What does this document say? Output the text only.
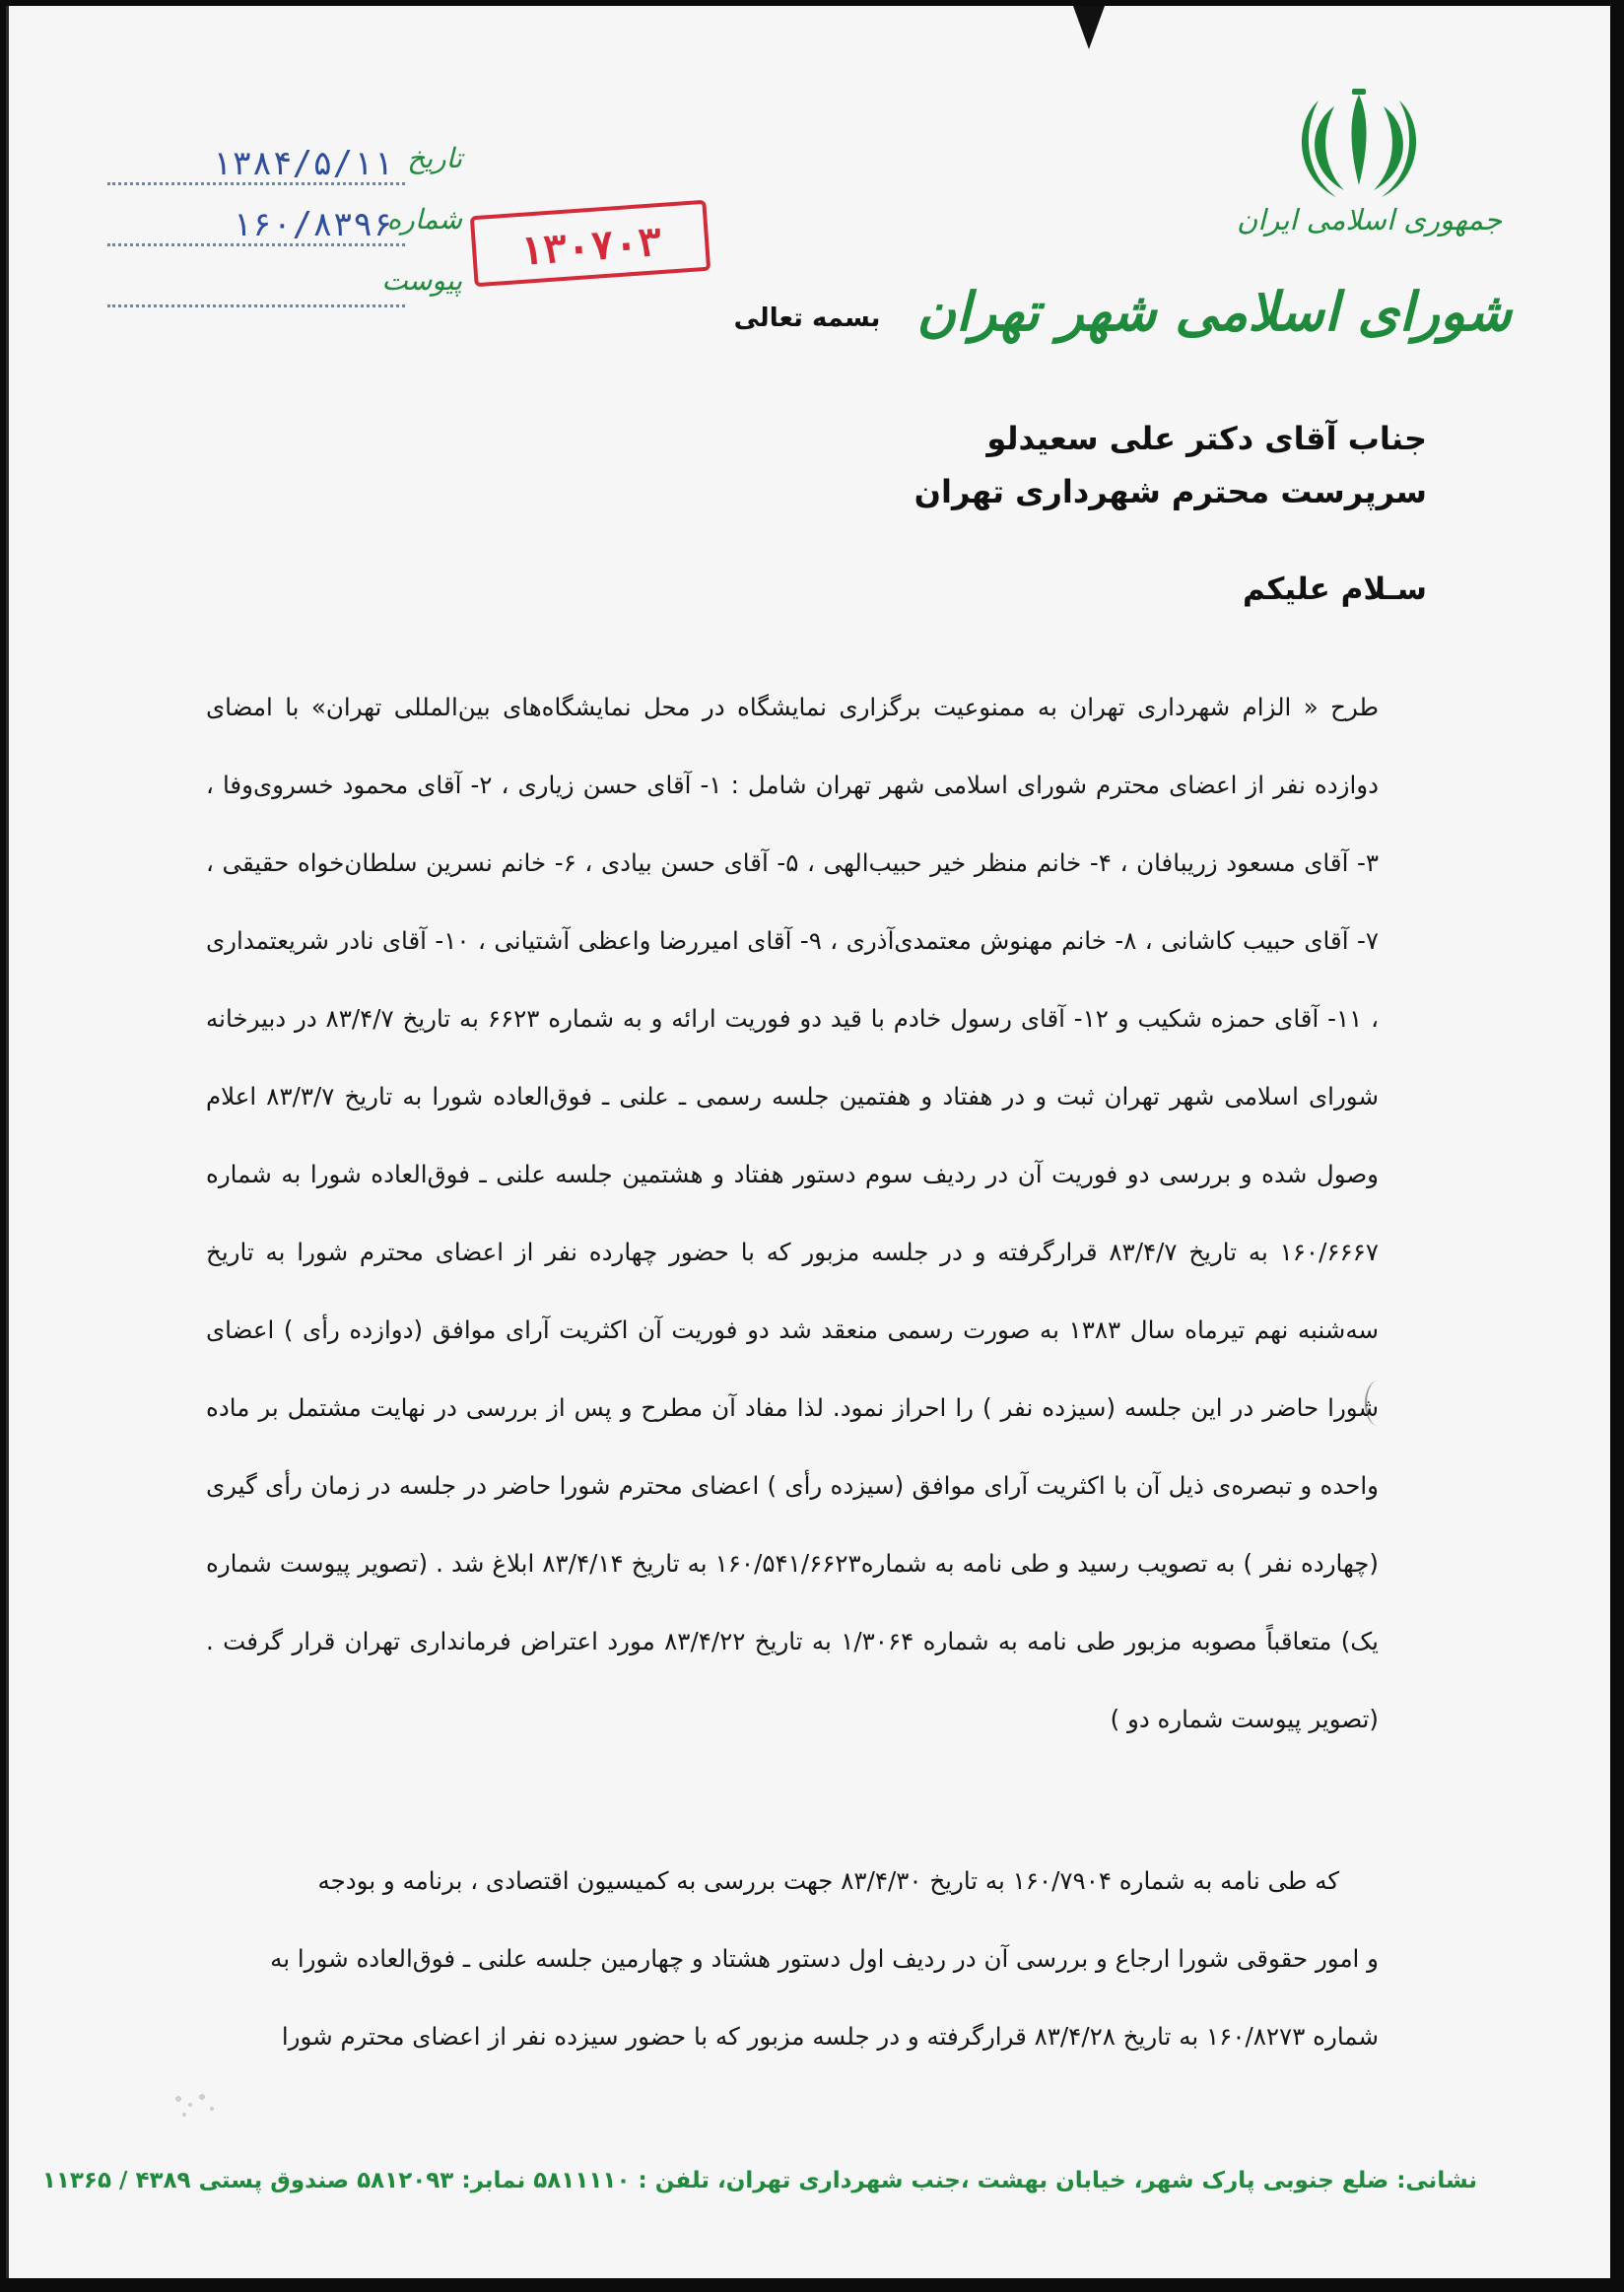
جمهوری اسلامی ایران
شورای اسلامی شهر تهران
۱۳۸۴/۵/۱۱ تاریخ
۱۶۰/۸۳۹۶
شماره
پیوست
۱۳۰۷۰۳
بسمه تعالی
جناب آقای دکتر علی سعیدلو
سرپرست محترم شهرداری تهران
سـلام علیکم
طرح « الزام شهرداری تهران به ممنوعیت برگزاری نمایشگاه در محل نمایشگاه‌های بین‌المللی تهران» با امضای دوازده نفر از اعضای محترم شورای اسلامی شهر تهران شامل : ۱- آقای حسن زیاری ، ۲- آقای محمود خسروی‌وفا ، ۳- آقای مسعود زریبافان ، ۴- خانم منظر خیر حبیب‌الهی ، ۵- آقای حسن بیادی ، ۶- خانم نسرین سلطان‌خواه حقیقی ، ۷- آقای حبیب کاشانی ، ۸- خانم مهنوش معتمدی‌آذری ، ۹- آقای امیررضا واعظی آشتیانی ، ۱۰- آقای نادر شریعتمداری ، ۱۱- آقای حمزه شکیب و ۱۲- آقای رسول خادم با قید دو فوریت ارائه و به شماره ۶۶۲۳ به تاریخ ۸۳/۴/۷ در دبیرخانه شورای اسلامی شهر تهران ثبت و در هفتاد و هفتمین جلسه رسمی ـ علنی ـ فوق‌العاده شورا به تاریخ ۸۳/۳/۷ اعلام وصول شده و بررسی دو فوریت آن در ردیف سوم دستور هفتاد و هشتمین جلسه علنی ـ فوق‌العاده شورا به شماره ۱۶۰/۶۶۶۷ به تاریخ ۸۳/۴/۷ قرارگرفته و در جلسه مزبور که با حضور چهارده نفر از اعضای محترم شورا به تاریخ سه‌شنبه نهم تیرماه سال ۱۳۸۳ به صورت رسمی منعقد شد دو فوریت آن اکثریت آرای موافق (دوازده رأی ) اعضای شورا حاضر در این جلسه (سیزده نفر ) را احراز نمود. لذا مفاد آن مطرح و پس از بررسی در نهایت مشتمل بر ماده واحده و تبصره‌ی ذیل آن با اکثریت آرای موافق (سیزده رأی ) اعضای محترم شورا حاضر در جلسه در زمان رأی گیری (چهارده نفر ) به تصویب رسید و طی نامه به شماره۱۶۰/۵۴۱/۶۶۲۳ به تاریخ ۸۳/۴/۱۴ ابلاغ شد . (تصویر پیوست شماره یک) متعاقباً مصوبه مزبور طی نامه به شماره ۱/۳۰۶۴ به تاریخ ۸۳/۴/۲۲ مورد اعتراض فرمانداری تهران قرار گرفت . (تصویر پیوست شماره دو )
که طی نامه به شماره ۱۶۰/۷۹۰۴ به تاریخ ۸۳/۴/۳۰ جهت بررسی به کمیسیون اقتصادی ، برنامه و بودجه
و امور حقوقی شورا ارجاع و بررسی آن در ردیف اول دستور هشتاد و چهارمین جلسه علنی ـ فوق‌العاده شورا به
شماره ۱۶۰/۸۲۷۳ به تاریخ ۸۳/۴/۲۸ قرارگرفته و در جلسه مزبور که با حضور سیزده نفر از اعضای محترم شورا
نشانی: ضلع جنوبی پارک شهر، خیابان بهشت ،جنب شهرداری تهران، تلفن : ۵۸۱۱۱۱۰ نمابر: ۵۸۱۲۰۹۳ صندوق پستی ۴۳۸۹ / ۱۱۳۶۵
